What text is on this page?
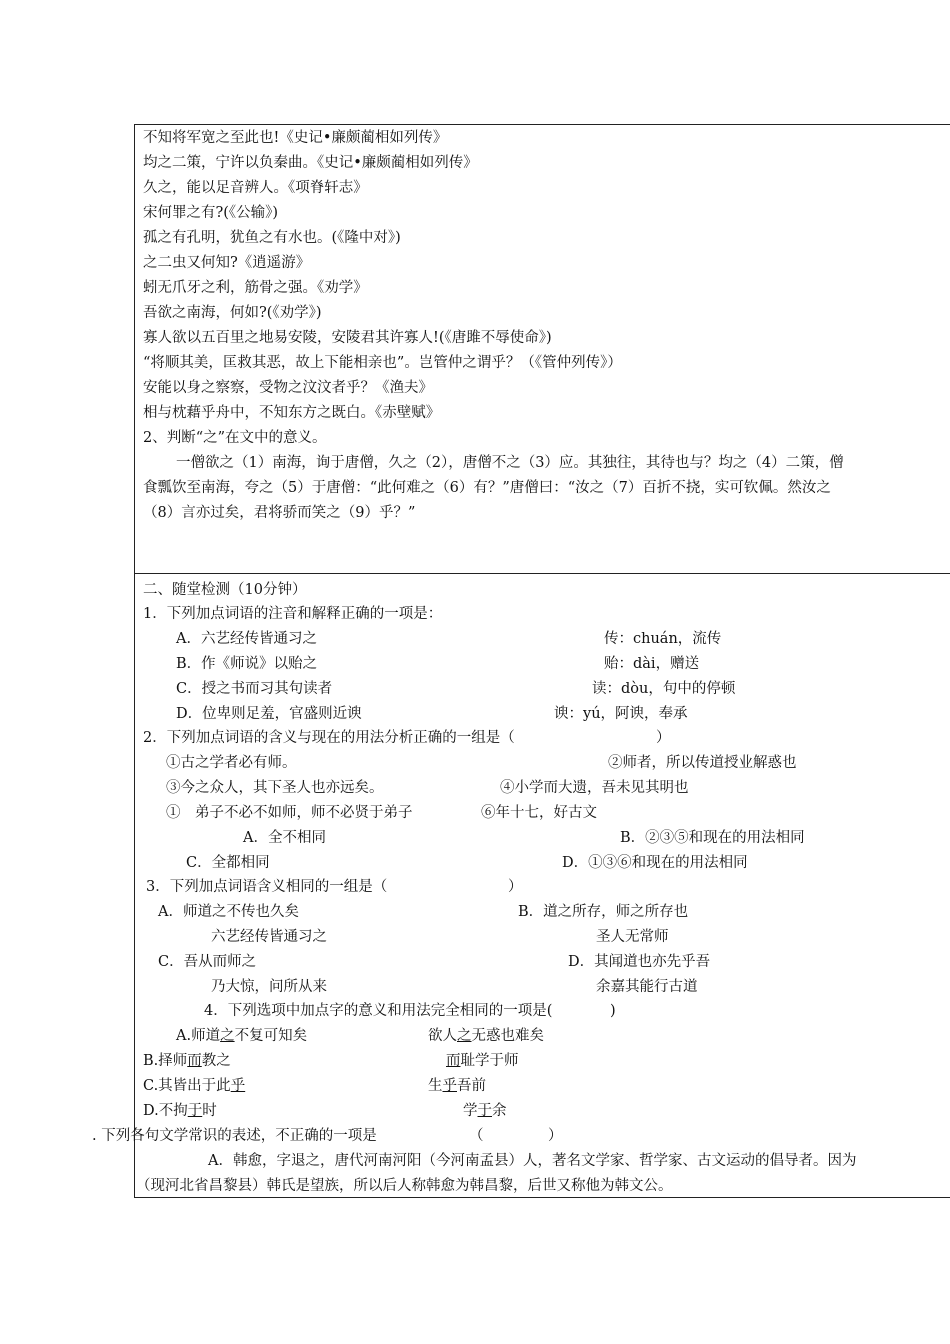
不知将军宽之至此也!《史记•廉颇蔺相如列传》
均之二策，宁许以负秦曲。《史记•廉颇蔺相如列传》
久之，能以足音辨人。《项脊轩志》
宋何罪之有?(《公输》)
孤之有孔明，犹鱼之有水也。(《隆中对》)
之二虫又何知?《逍遥游》
蚓无爪牙之利，筋骨之强。《劝学》
吾欲之南海，何如?(《劝学》)
寡人欲以五百里之地易安陵，安陵君其许寡人!(《唐雎不辱使命》)
“将顺其美，匡救其恶，故上下能相亲也”。岂管仲之谓乎？（《管仲列传》）
安能以身之察察，受物之汶汶者乎？《渔夫》
相与枕藉乎舟中，不知东方之既白。《赤壁赋》
2、判断“之”在文中的意义。
一僧欲之（1）南海，询于唐僧，久之（2），唐僧不之（3）应。其独往，其待也与？均之（4）二策，僧
食瓢饮至南海，夸之（5）于唐僧：“此何难之（6）有？”唐僧曰：“汝之（7）百折不挠，实可钦佩。然汝之
（8）言亦过矣，君将骄而笑之（9）乎？”
二、随堂检测（10分钟）
1．下列加点词语的注音和解释正确的一项是：
A．六艺经传皆通习之	传：chuán，流传
B．作《师说》以贻之	贻：dài，赠送
C．授之书而习其句读者	读：dòu，句中的停顿
D．位卑则足羞，官盛则近谀	谀：yú，阿谀，奉承
2．下列加点词语的含义与现在的用法分析正确的一组是（	）
①古之学者必有师。	②师者，所以传道授业解惑也
③今之众人，其下圣人也亦远矣。	④小学而大遗，吾未见其明也
①　弟子不必不如师，师不必贤于弟子	⑥年十七，好古文
A．全不相同	B．②③⑤和现在的用法相同
C．全都相同	D．①③⑥和现在的用法相同
3．下列加点词语含义相同的一组是（	）
A．师道之不传也久矣	B．道之所存，师之所存也
六艺经传皆通习之	圣人无常师
C．吾从而师之	D．其闻道也亦先乎吾
乃大惊，问所从来	余嘉其能行古道
4．下列选项中加点字的意义和用法完全相同的一项是(	)
A.师道之不复可知矣	欲人之无惑也难矣
B.择师而教之	而耻学于师
C.其皆出于此乎	生乎吾前
D.不拘于时	学于余
. 下列各句文学常识的表述，不正确的一项是	（	）
A．韩愈，字退之，唐代河南河阳（今河南孟县）人，著名文学家、哲学家、古文运动的倡导者。因为
（现河北省昌黎县）韩氏是望族，所以后人称韩愈为韩昌黎，后世又称他为韩文公。
